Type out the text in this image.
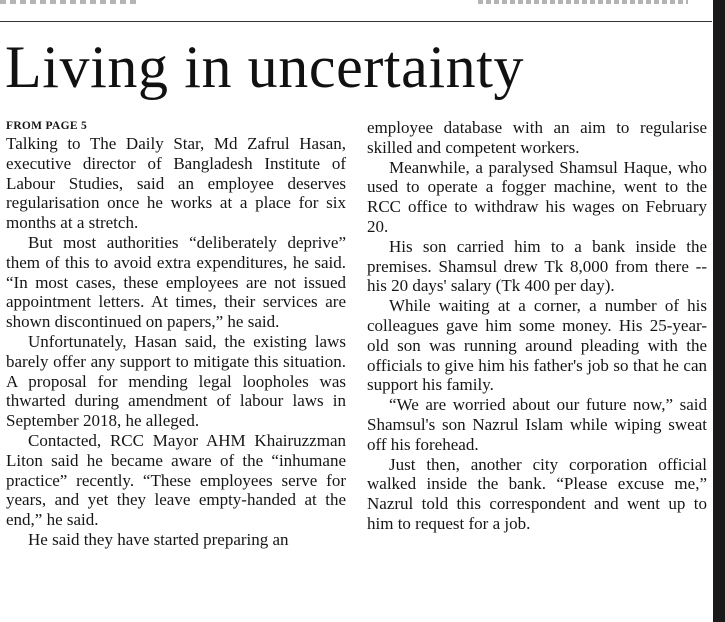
Living in uncertainty
FROM PAGE 5

Talking to The Daily Star, Md Zafrul Hasan, executive director of Bangladesh Institute of Labour Studies, said an employee deserves regularisation once he works at a place for six months at a stretch.

But most authorities “deliberately deprive” them of this to avoid extra expenditures, he said. “In most cases, these employees are not issued appointment letters. At times, their services are shown discontinued on papers,” he said.

Unfortunately, Hasan said, the existing laws barely offer any support to mitigate this situation. A proposal for mending legal loopholes was thwarted during amendment of labour laws in September 2018, he alleged.

Contacted, RCC Mayor AHM Khairuzzman Liton said he became aware of the “inhumane practice” recently. “These employees serve for years, and yet they leave empty-handed at the end,” he said.

He said they have started preparing an

employee database with an aim to regularise skilled and competent workers.

Meanwhile, a paralysed Shamsul Haque, who used to operate a fogger machine, went to the RCC office to withdraw his wages on February 20.

His son carried him to a bank inside the premises. Shamsul drew Tk 8,000 from there -- his 20 days' salary (Tk 400 per day).

While waiting at a corner, a number of his colleagues gave him some money. His 25-year-old son was running around pleading with the officials to give him his father's job so that he can support his family.

“We are worried about our future now,” said Shamsul's son Nazrul Islam while wiping sweat off his forehead.

Just then, another city corporation official walked inside the bank. “Please excuse me,” Nazrul told this correspondent and went up to him to request for a job.
